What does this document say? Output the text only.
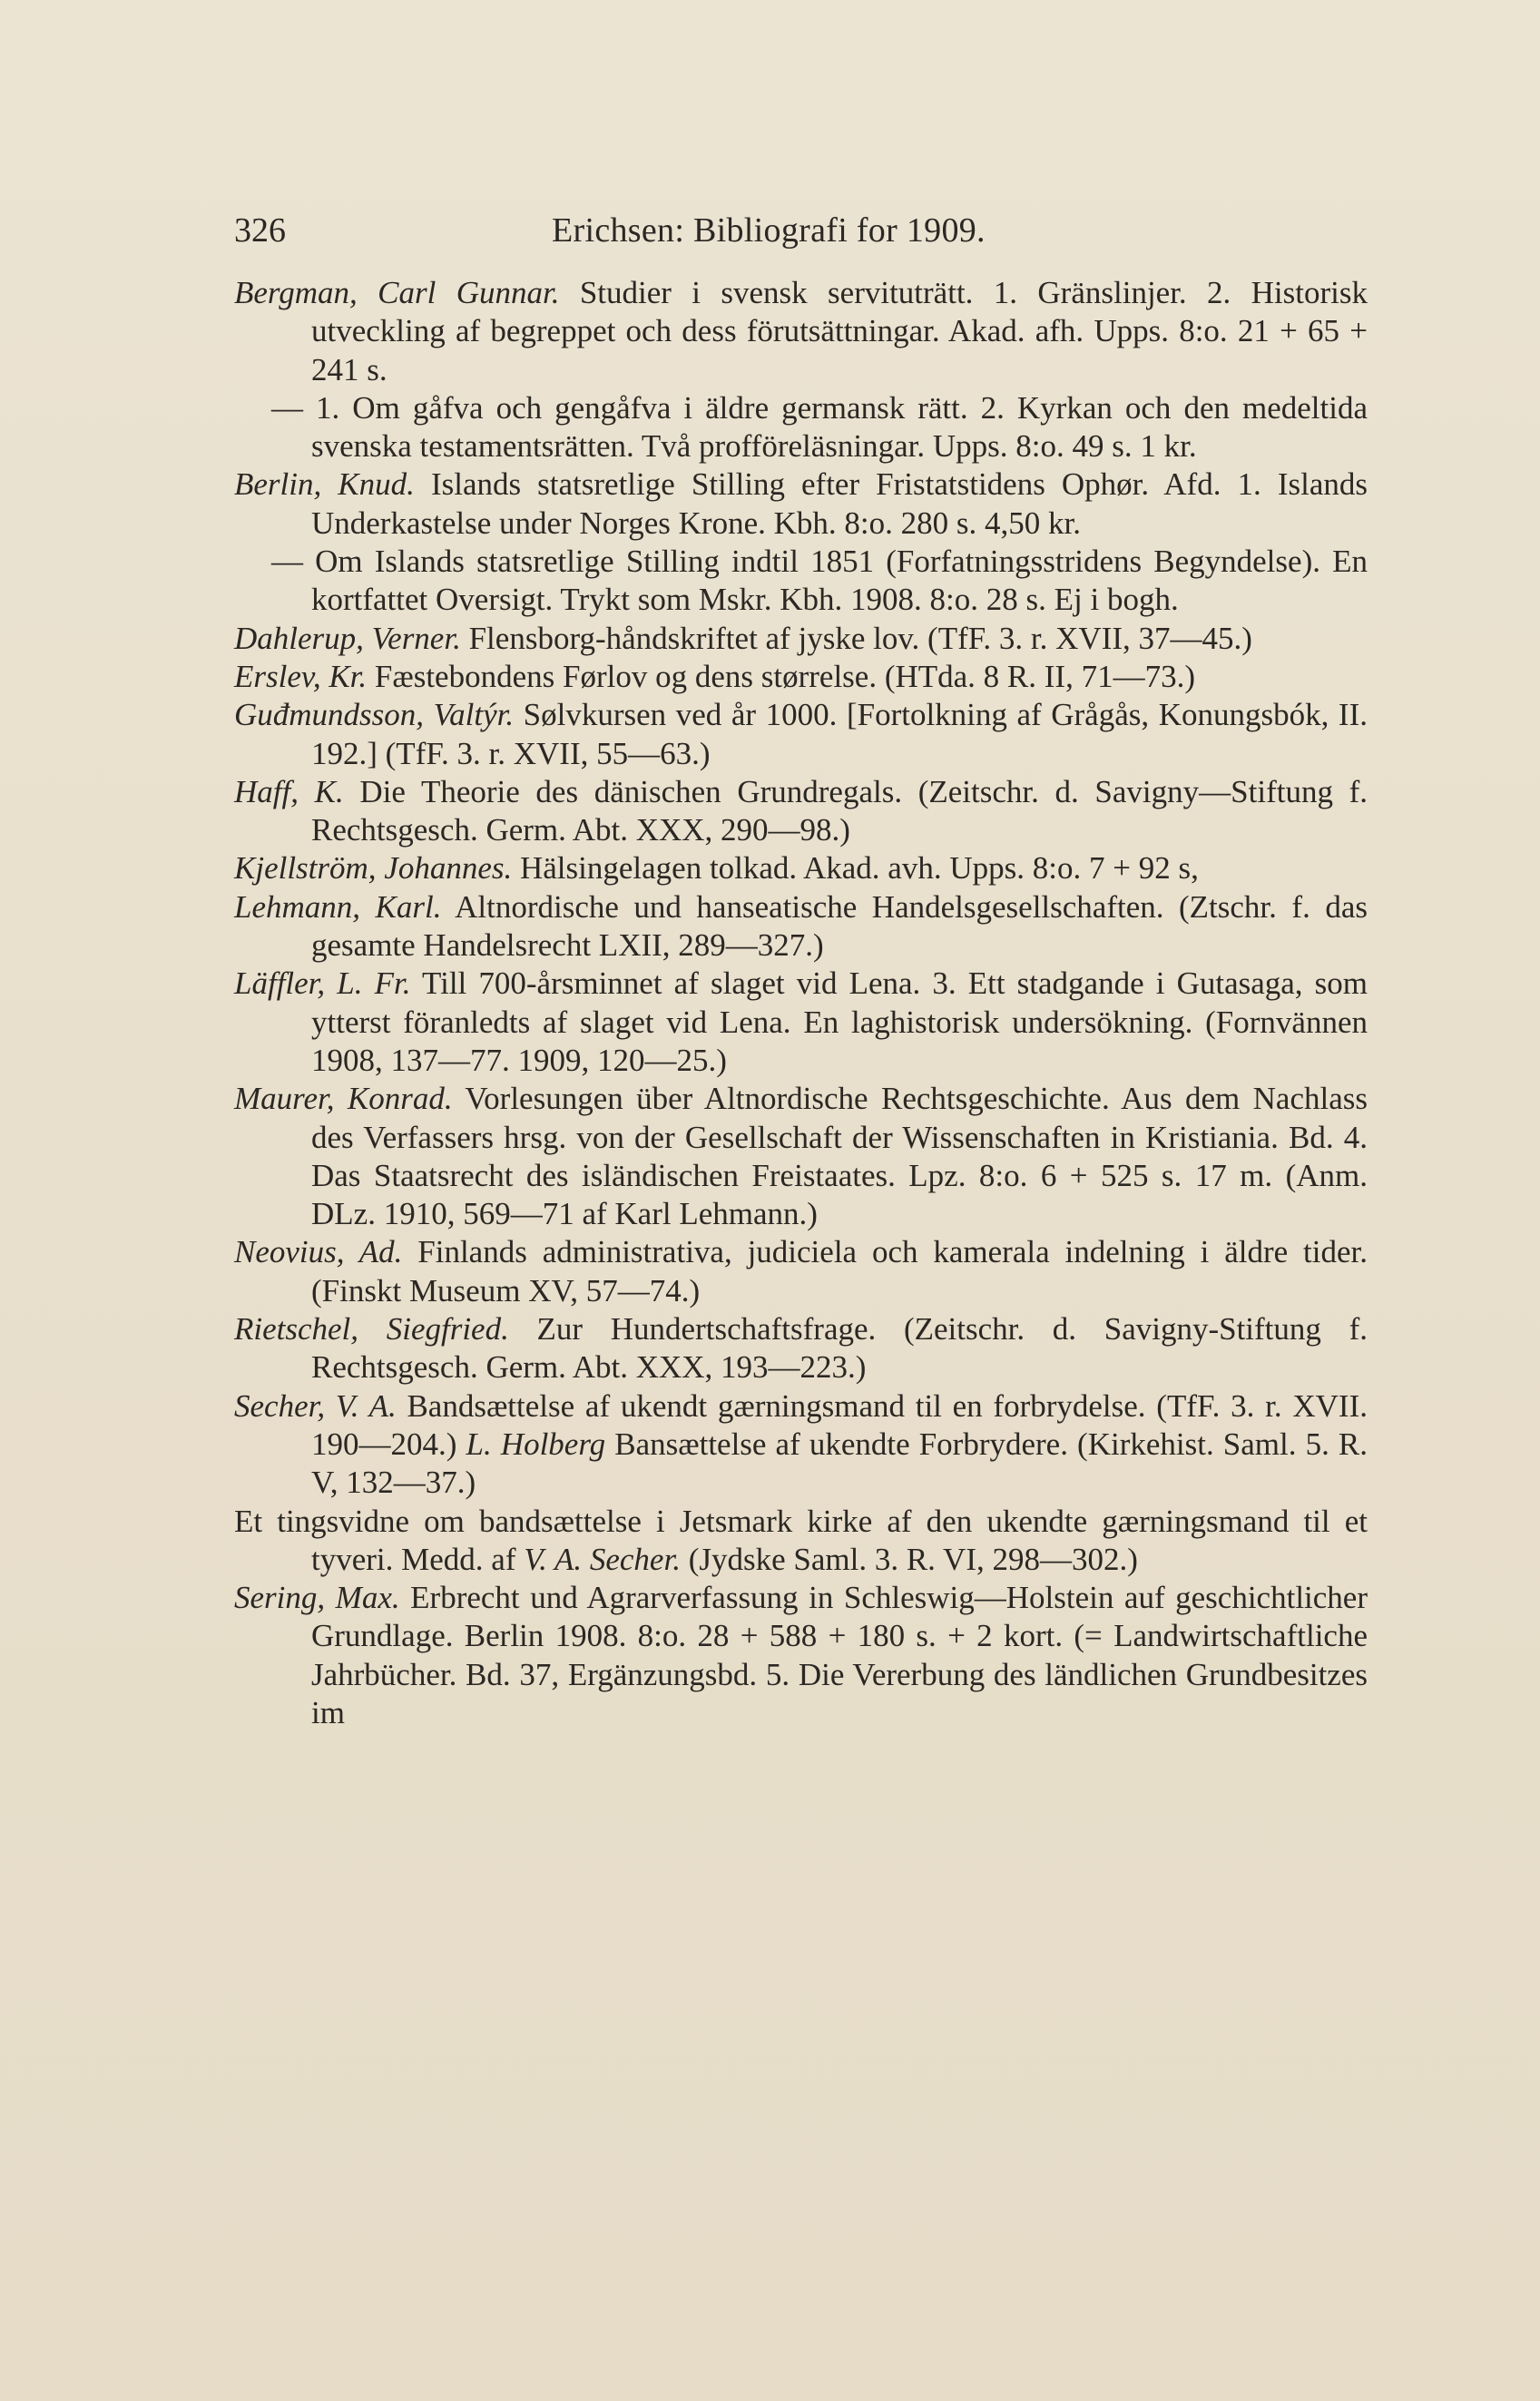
326	Erichsen: Bibliografi for 1909.

Bergman, Carl Gunnar. Studier i svensk servituträtt. 1. Gränslinjer. 2. Historisk utveckling af begreppet och dess förutsättningar. Akad. afh. Upps. 8:o. 21 + 65 + 241 s.

— 1. Om gåfva och gengåfva i äldre germansk rätt. 2. Kyrkan och den medeltida svenska testamentsrätten. Två profföreläsningar. Upps. 8:o. 49 s. 1 kr.

Berlin, Knud. Islands statsretlige Stilling efter Fristatstidens Ophør. Afd. 1. Islands Underkastelse under Norges Krone. Kbh. 8:o. 280 s. 4,50 kr.

— Om Islands statsretlige Stilling indtil 1851 (Forfatningsstridens Begyndelse). En kortfattet Oversigt. Trykt som Mskr. Kbh. 1908. 8:o. 28 s. Ej i bogh.

Dahlerup, Verner. Flensborg-håndskriftet af jyske lov. (TfF. 3. r. XVII, 37—45.)

Erslev, Kr. Fæstebondens Førlov og dens størrelse. (HTda. 8 R. II, 71—73.)

Guđmundsson, Valtýr. Sølvkursen ved år 1000. [Fortolkning af Grågås, Konungsbók, II. 192.] (TfF. 3. r. XVII, 55—63.)

Haff, K. Die Theorie des dänischen Grundregals. (Zeitschr. d. Savigny—Stiftung f. Rechtsgesch. Germ. Abt. XXX, 290—98.)

Kjellström, Johannes. Hälsingelagen tolkad. Akad. avh. Upps. 8:o. 7 + 92 s,

Lehmann, Karl. Altnordische und hanseatische Handelsgesellschaften. (Ztschr. f. das gesamte Handelsrecht LXII, 289—327.)

Läffler, L. Fr. Till 700-årsminnet af slaget vid Lena. 3. Ett stadgande i Gutasaga, som ytterst föranledts af slaget vid Lena. En laghistorisk undersökning. (Fornvännen 1908, 137—77. 1909, 120—25.)

Maurer, Konrad. Vorlesungen über Altnordische Rechtsgeschichte. Aus dem Nachlass des Verfassers hrsg. von der Gesellschaft der Wissenschaften in Kristiania. Bd. 4. Das Staatsrecht des isländischen Freistaates. Lpz. 8:o. 6 + 525 s. 17 m. (Anm. DLz. 1910, 569—71 af Karl Lehmann.)

Neovius, Ad. Finlands administrativa, judiciela och kamerala indelning i äldre tider. (Finskt Museum XV, 57—74.)

Rietschel, Siegfried. Zur Hundertschaftsfrage. (Zeitschr. d. Savigny-Stiftung f. Rechtsgesch. Germ. Abt. XXX, 193—223.)

Secher, V. A. Bandsættelse af ukendt gærningsmand til en forbrydelse. (TfF. 3. r. XVII. 190—204.) L. Holberg Bansættelse af ukendte Forbrydere. (Kirkehist. Saml. 5. R. V, 132—37.)

Et tingsvidne om bandsættelse i Jetsmark kirke af den ukendte gærningsmand til et tyveri. Medd. af V. A. Secher. (Jydske Saml. 3. R. VI, 298—302.)

Sering, Max. Erbrecht und Agrarverfassung in Schleswig—Holstein auf geschichtlicher Grundlage. Berlin 1908. 8:o. 28 + 588 + 180 s. + 2 kort. (= Landwirtschaftliche Jahrbücher. Bd. 37, Ergänzungsbd. 5. Die Vererbung des ländlichen Grundbesitzes im
